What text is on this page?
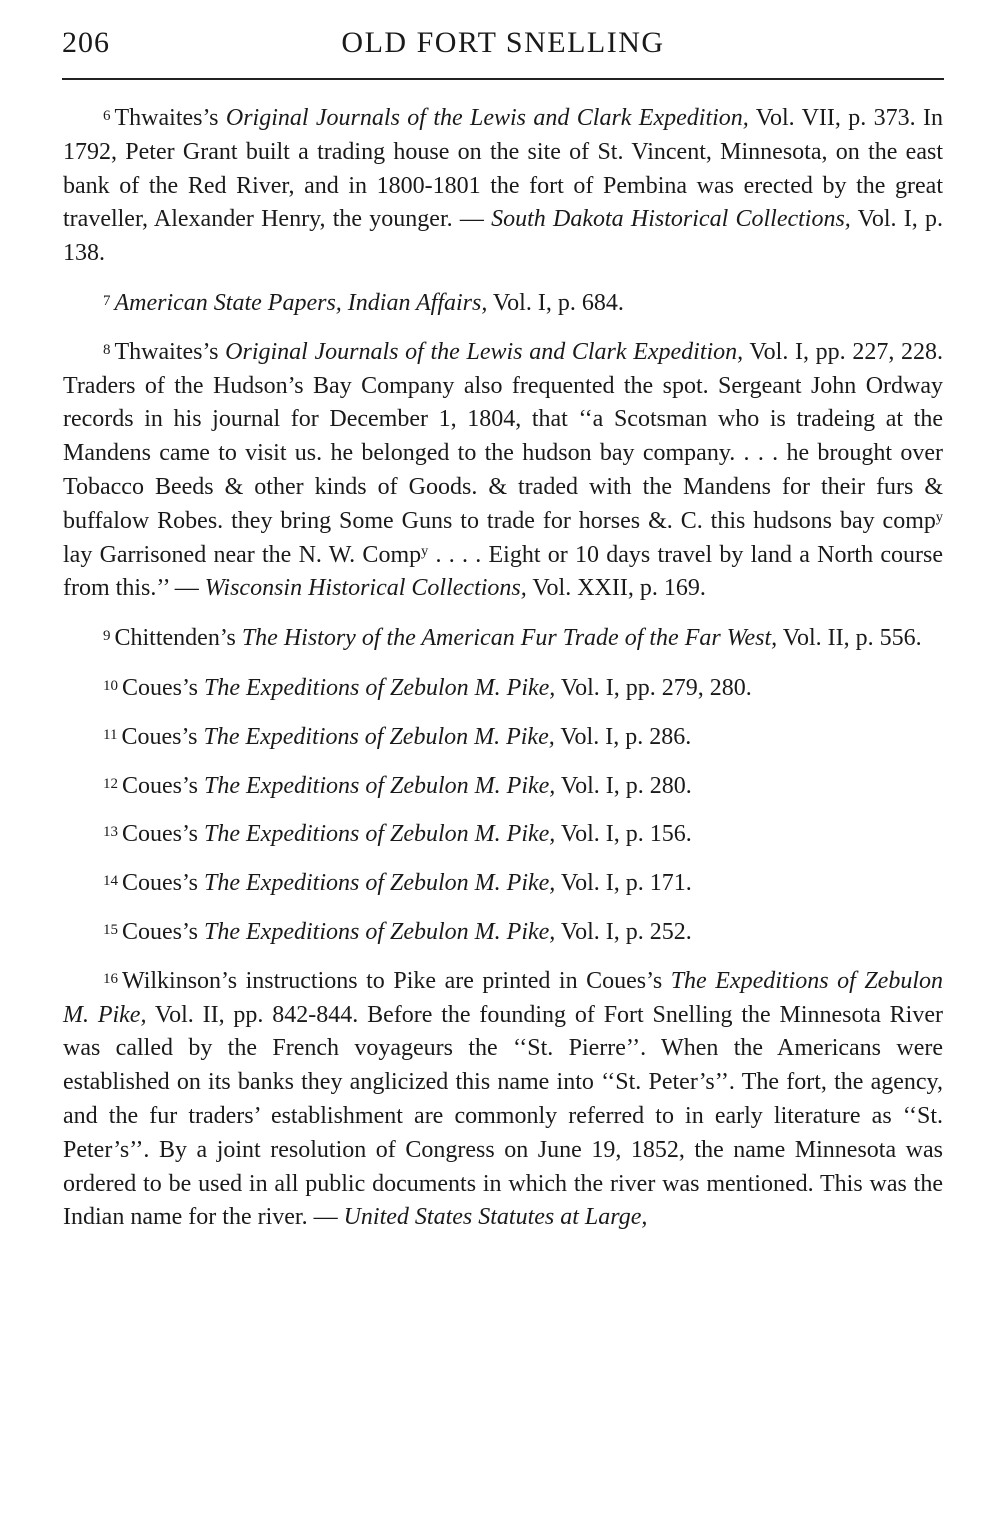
206	OLD FORT SNELLING

$^6$ Thwaites’s Original Journals of the Lewis and Clark Expedition, Vol. VII, p. 373. In 1792, Peter Grant built a trading house on the site of St. Vincent, Minnesota, on the east bank of the Red River, and in 1800-1801 the fort of Pembina was erected by the great traveller, Alexander Henry, the younger. — South Dakota Historical Collections, Vol. I, p. 138.

$^7$ American State Papers, Indian Affairs, Vol. I, p. 684.

$^8$ Thwaites’s Original Journals of the Lewis and Clark Expedition, Vol. I, pp. 227, 228. Traders of the Hudson’s Bay Company also frequented the spot. Sergeant John Ordway records in his journal for December 1, 1804, that ‘‘a Scotsman who is tradeing at the Mandens came to visit us. he belonged to the hudson bay company. . . . he brought over Tobacco Beeds & other kinds of Goods. & traded with the Mandens for their furs & buffalow Robes. they bring Some Guns to trade for horses &. C. this hudsons bay compʸ lay Garrisoned near the N. W. Compʸ . . . . Eight or 10 days travel by land a North course from this.’’ — Wisconsin Historical Collections, Vol. XXII, p. 169.

$^9$ Chittenden’s The History of the American Fur Trade of the Far West, Vol. II, p. 556.

$^{10}$ Coues’s The Expeditions of Zebulon M. Pike, Vol. I, pp. 279, 280.

$^{11}$ Coues’s The Expeditions of Zebulon M. Pike, Vol. I, p. 286.

$^{12}$ Coues’s The Expeditions of Zebulon M. Pike, Vol. I, p. 280.

$^{13}$ Coues’s The Expeditions of Zebulon M. Pike, Vol. I, p. 156.

$^{14}$ Coues’s The Expeditions of Zebulon M. Pike, Vol. I, p. 171.

$^{15}$ Coues’s The Expeditions of Zebulon M. Pike, Vol. I, p. 252.

$^{16}$ Wilkinson’s instructions to Pike are printed in Coues’s The Expeditions of Zebulon M. Pike, Vol. II, pp. 842-844. Before the founding of Fort Snelling the Minnesota River was called by the French voyageurs the ‘‘St. Pierre’’. When the Americans were established on its banks they anglicized this name into ‘‘St. Peter’s’’. The fort, the agency, and the fur traders’ establishment are commonly referred to in early literature as ‘‘St. Peter’s’’. By a joint resolution of Congress on June 19, 1852, the name Minnesota was ordered to be used in all public documents in which the river was mentioned. This was the Indian name for the river. — United States Statutes at Large,
